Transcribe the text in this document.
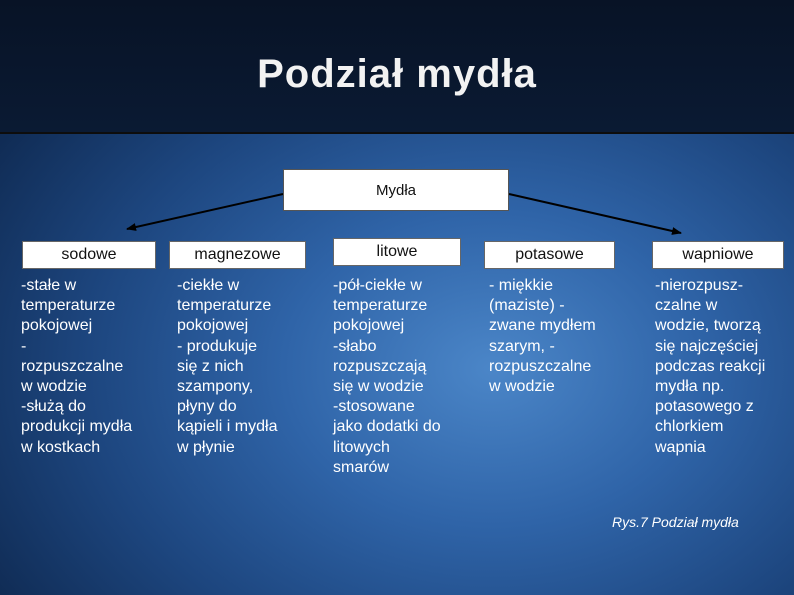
Podział mydła
Mydła
sodowe	magnezowe	litowe	potasowe	wapniowe
-stałe w
temperaturze
pokojowej
-
rozpuszczalne
w wodzie
-służą do
produkcji mydła
w kostkach
-ciekłe w
temperaturze
pokojowej
- produkuje
się z nich
szampony,
płyny do
kąpieli i mydła
w płynie
-pół-ciekłe w
temperaturze
pokojowej
-słabo
rozpuszczają
się w wodzie
-stosowane
jako dodatki do
litowych
smarów
- miękkie
(maziste) -
zwane mydłem
szarym, -
rozpuszczalne
w wodzie
-nierozpusz-
czalne w
wodzie, tworzą
się najczęściej
podczas reakcji
mydła np.
potasowego z
chlorkiem
wapnia
Rys.7 Podział mydła
